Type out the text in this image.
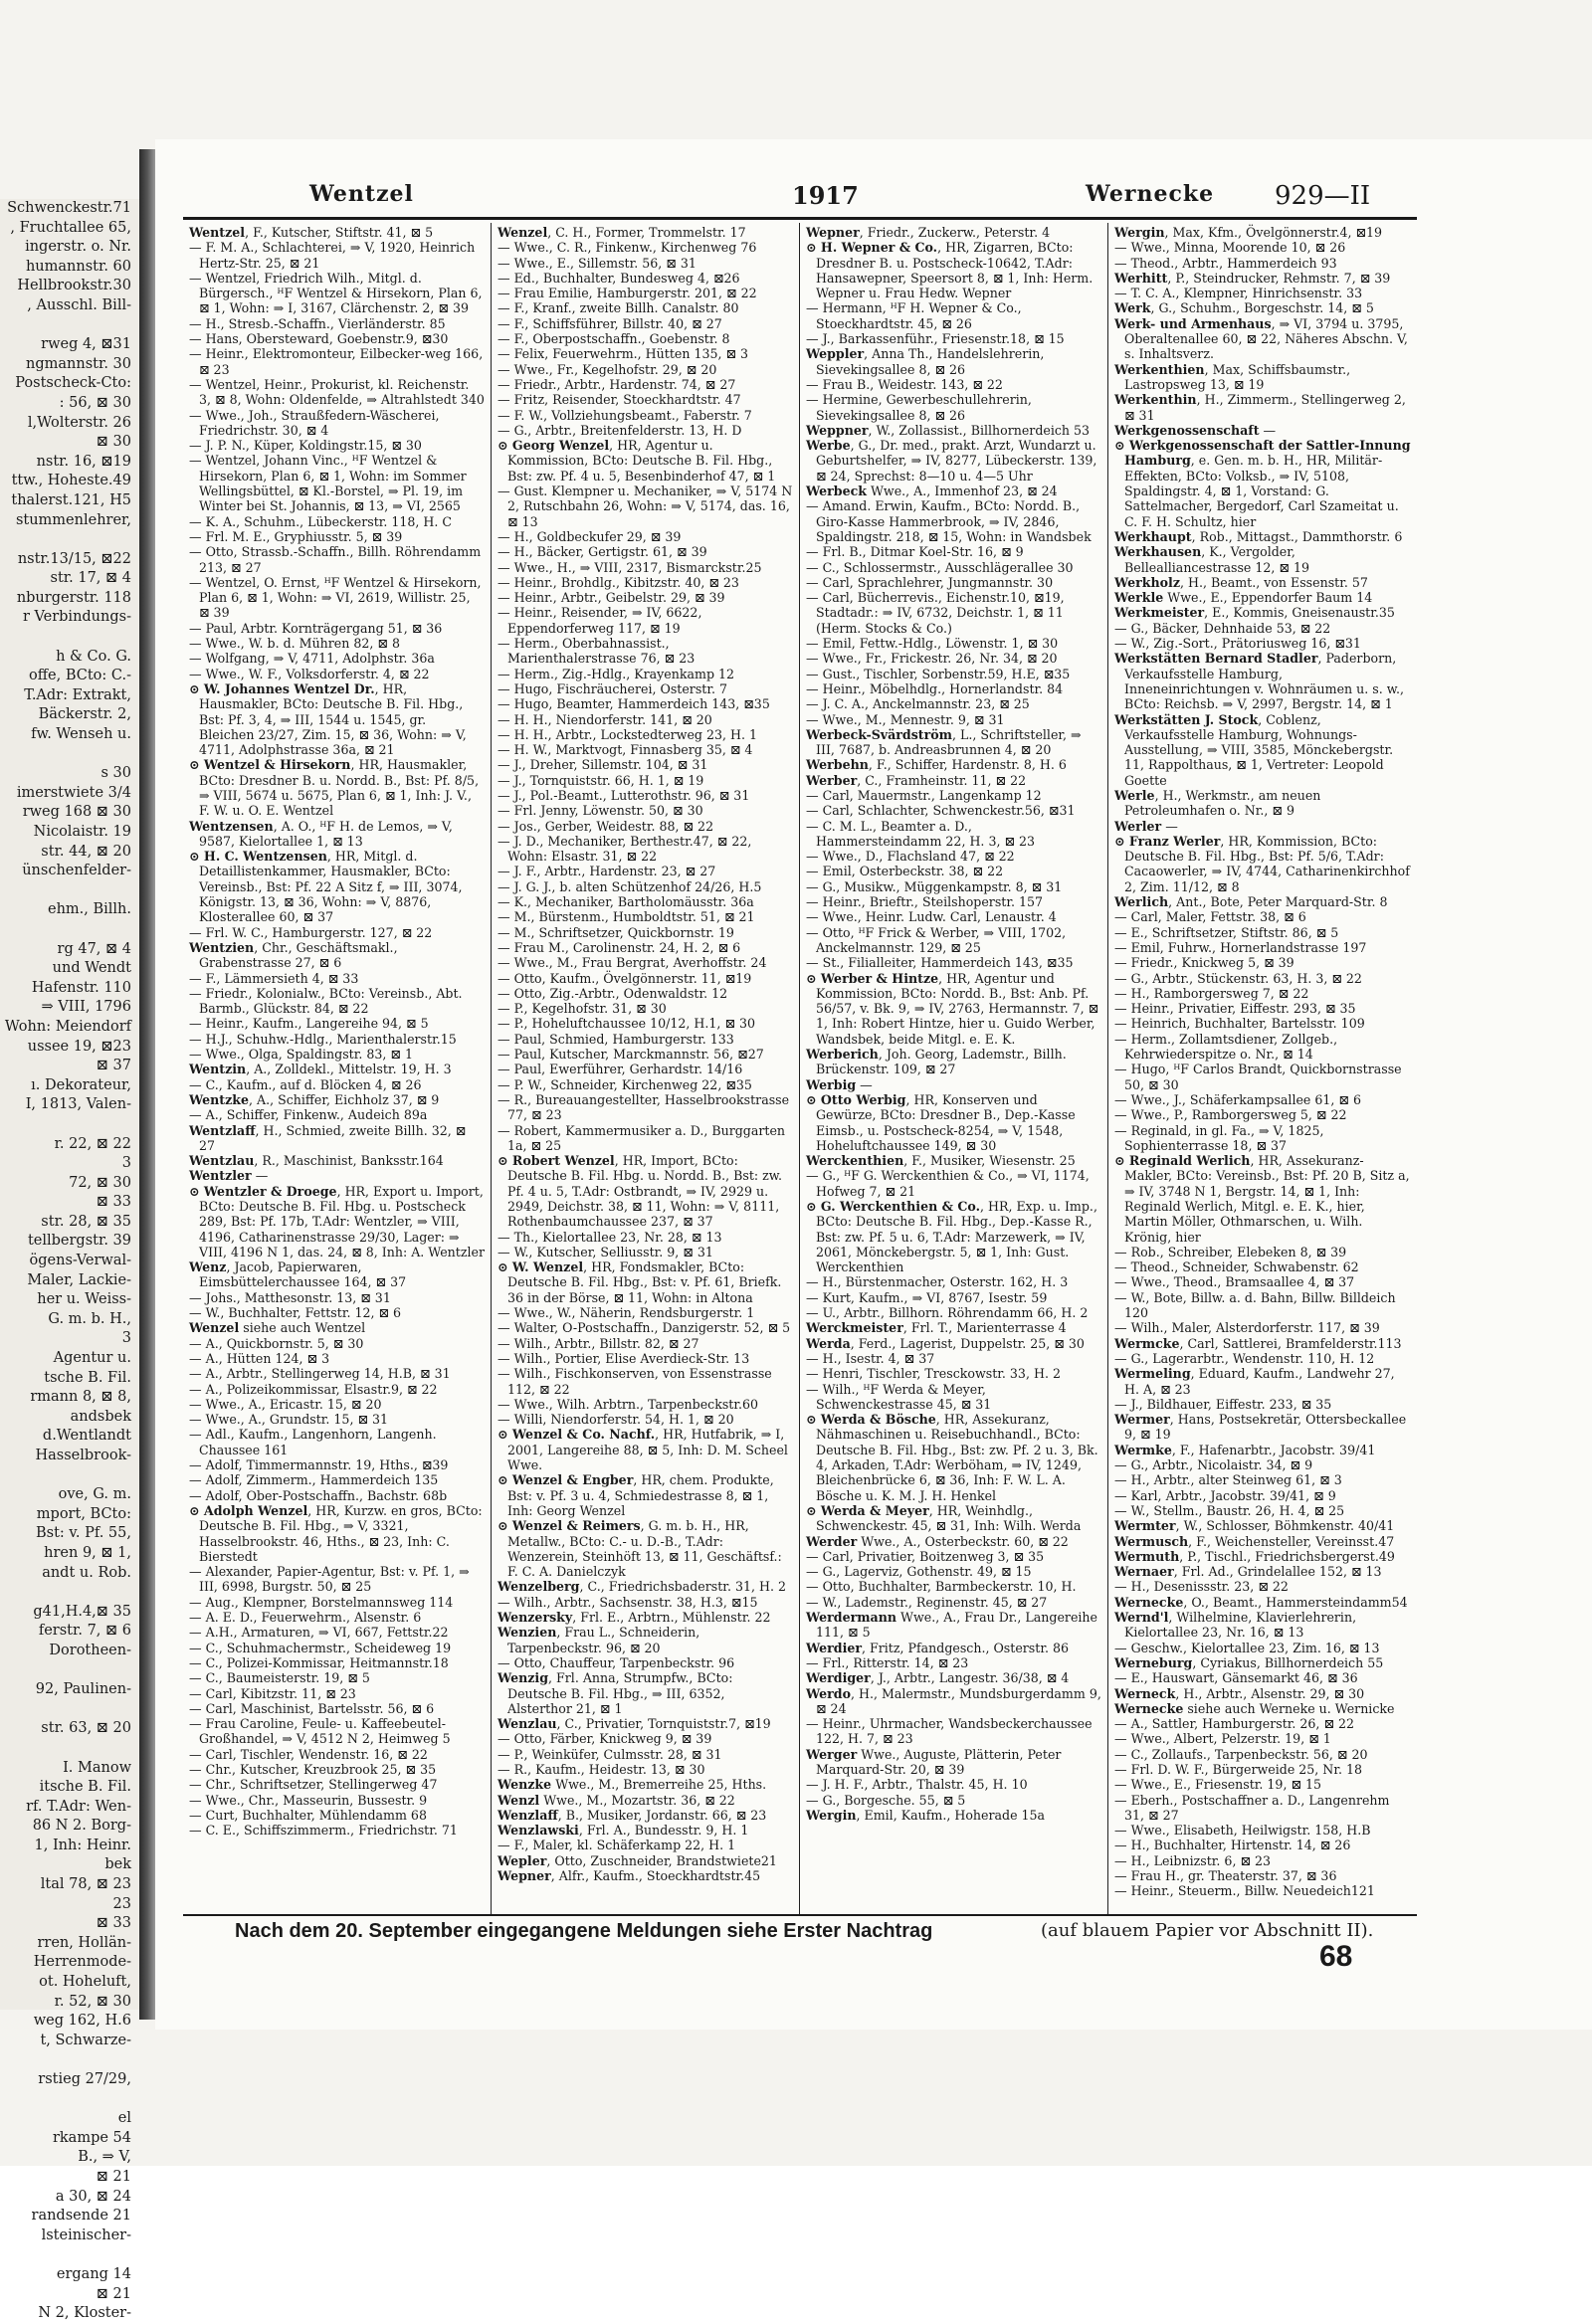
Schwenckestr.71
, Fruchtallee 65,
ingerstr. o. Nr.
humannstr. 60
Hellbrookstr.30
, Ausschl. Bill-

rweg 4, ⊠31
ngmannstr. 30
Postscheck-Cto:
: 56, ⊠ 30
l,Wolterstr. 26
⊠ 30
nstr. 16, ⊠19
ttw., Hoheste.49
thalerst.121, H5
stummenlehrer,

nstr.13/15, ⊠22
str. 17, ⊠ 4
nburgerstr. 118
r Verbindungs-

h & Co. G.
offe, BCto: C.-
T.Adr: Extrakt,
Bäckerstr. 2,
fw. Wenseh u.

s 30
imerstwiete 3/4
rweg 168 ⊠ 30
Nicolaistr. 19
str. 44, ⊠ 20
ünschenfelder-

ehm., Billh.

rg 47, ⊠ 4
und Wendt
Hafenstr. 110
⇒ VIII, 1796
Wohn: Meiendorf
ussee 19, ⊠23
⊠ 37
ı. Dekorateur,
I, 1813, Valen-

r. 22, ⊠ 22
3
72, ⊠ 30
⊠ 33
str. 28, ⊠ 35
tellbergstr. 39
ögens-Verwal-
Maler, Lackie-
her u. Weiss-
G. m. b. H.,
3
Agentur u.
tsche B. Fil.
rmann 8, ⊠ 8,
andsbek
d.Wentlandt
Hasselbrook-

ove, G. m.
mport, BCto:
Bst: v. Pf. 55,
hren 9, ⊠ 1,
andt u. Rob.

g41,H.4,⊠ 35
ferstr. 7, ⊠ 6
Dorotheen-

92, Paulinen-

str. 63, ⊠ 20

I. Manow
itsche B. Fil.
rf. T.Adr: Wen-
86 N 2. Borg-
1, Inh: Heinr.
bek
ltal 78, ⊠ 23
23
⊠ 33
rren, Hollän-
Herrenmode-
ot. Hoheluft,
r. 52, ⊠ 30
weg 162, H.6
t, Schwarze-

rstieg 27/29,

el
rkampe 54
B., ⇒ V,
⊠ 21
a 30, ⊠ 24
randsende 21
lsteinischer-

ergang 14
⊠ 21
N 2, Kloster-
Wentzel	1917	Wernecke 929—II

Wentzel, F., Kutscher, Stiftstr. 41, ⊠ 5

— F. M. A., Schlachterei, ⇒ V, 1920, Heinrich Hertz-Str. 25, ⊠ 21

— Wentzel, Friedrich Wilh., Mitgl. d. Bürgersch., ᴴF Wentzel & Hirsekorn, Plan 6, ⊠ 1, Wohn: ⇒ I, 3167, Clärchenstr. 2, ⊠ 39

— H., Stresb.-Schaffn., Vierländerstr. 85

— Hans, Obersteward, Goebenstr.9, ⊠30

— Heinr., Elektromonteur, Eilbecker-weg 166, ⊠ 23

— Wentzel, Heinr., Prokurist, kl. Reichenstr. 3, ⊠ 8, Wohn: Oldenfelde, ⇒ Altrahlstedt 340

— Wwe., Joh., Straußfedern-Wäscherei, Friedrichstr. 30, ⊠ 4

— J. P. N., Küper, Koldingstr.15, ⊠ 30

— Wentzel, Johann Vinc., ᴴF Wentzel & Hirsekorn, Plan 6, ⊠ 1, Wohn: im Sommer Wellingsbüttel, ⊠ Kl.-Borstel, ⇒ Pl. 19, im Winter bei St. Johannis, ⊠ 13, ⇒ VI, 2565

— K. A., Schuhm., Lübeckerstr. 118, H. C

— Frl. M. E., Gryphiusstr. 5, ⊠ 39

— Otto, Strassb.-Schaffn., Billh. Röhrendamm 213, ⊠ 27

— Wentzel, O. Ernst, ᴴF Wentzel & Hirsekorn, Plan 6, ⊠ 1, Wohn: ⇒ VI, 2619, Willistr. 25, ⊠ 39

— Paul, Arbtr. Kornträgergang 51, ⊠ 36

— Wwe., W. b. d. Mühren 82, ⊠ 8

— Wolfgang, ⇒ V, 4711, Adolphstr. 36a

— Wwe., W. F., Volksdorferstr. 4, ⊠ 22

⊙ W. Johannes Wentzel Dr., HR, Hausmakler, BCto: Deutsche B. Fil. Hbg., Bst: Pf. 3, 4, ⇒ III, 1544 u. 1545, gr. Bleichen 23/27, Zim. 15, ⊠ 36, Wohn: ⇒ V, 4711, Adolphstrasse 36a, ⊠ 21

⊙ Wentzel & Hirsekorn, HR, Hausmakler, BCto: Dresdner B. u. Nordd. B., Bst: Pf. 8/5, ⇒ VIII, 5674 u. 5675, Plan 6, ⊠ 1, Inh: J. V., F. W. u. O. E. Wentzel

Wentzensen, A. O., ᴴF H. de Lemos, ⇒ V, 9587, Kielortallee 1, ⊠ 13

⊙ H. C. Wentzensen, HR, Mitgl. d. Detaillistenkammer, Hausmakler, BCto: Vereinsb., Bst: Pf. 22 A Sitz f, ⇒ III, 3074, Königstr. 13, ⊠ 36, Wohn: ⇒ V, 8876, Klosterallee 60, ⊠ 37

— Frl. W. C., Hamburgerstr. 127, ⊠ 22

Wentzien, Chr., Geschäftsmakl., Grabenstrasse 27, ⊠ 6

— F., Lämmersieth 4, ⊠ 33

— Friedr., Kolonialw., BCto: Vereinsb., Abt. Barmb., Glückstr. 84, ⊠ 22

— Heinr., Kaufm., Langereihe 94, ⊠ 5

— H.J., Schuhw.-Hdlg., Marienthalerstr.15

— Wwe., Olga, Spaldingstr. 83, ⊠ 1

Wentzin, A., Zolldekl., Mittelstr. 19, H. 3

— C., Kaufm., auf d. Blöcken 4, ⊠ 26

Wentzke, A., Schiffer, Eichholz 37, ⊠ 9

— A., Schiffer, Finkenw., Audeich 89a

Wentzlaff, H., Schmied, zweite Billh. 32, ⊠ 27

Wentzlau, R., Maschinist, Banksstr.164

Wentzler —

⊙ Wentzler & Droege, HR, Export u. Import, BCto: Deutsche B. Fil. Hbg. u. Postscheck 289, Bst: Pf. 17b, T.Adr: Wentzler, ⇒ VIII, 4196, Catharinenstrasse 29/30, Lager: ⇒ VIII, 4196 N 1, das. 24, ⊠ 8, Inh: A. Wentzler

Wenz, Jacob, Papierwaren, Eimsbüttelerchaussee 164, ⊠ 37

— Johs., Matthesonstr. 13, ⊠ 31

— W., Buchhalter, Fettstr. 12, ⊠ 6

Wenzel siehe auch Wentzel

— A., Quickbornstr. 5, ⊠ 30

— A., Hütten 124, ⊠ 3

— A., Arbtr., Stellingerweg 14, H.B, ⊠ 31

— A., Polizeikommissar, Elsastr.9, ⊠ 22

— Wwe., A., Ericastr. 15, ⊠ 20

— Wwe., A., Grundstr. 15, ⊠ 31

— Adl., Kaufm., Langenhorn, Langenh. Chaussee 161

— Adolf, Timmermannstr. 19, Hths., ⊠39

— Adolf, Zimmerm., Hammerdeich 135

— Adolf, Ober-Postschaffn., Bachstr. 68b

⊙ Adolph Wenzel, HR, Kurzw. en gros, BCto: Deutsche B. Fil. Hbg., ⇒ V, 3321, Hasselbrookstr. 46, Hths., ⊠ 23, Inh: C. Bierstedt

— Alexander, Papier-Agentur, Bst: v. Pf. 1, ⇒ III, 6998, Burgstr. 50, ⊠ 25

— Aug., Klempner, Borstelmannsweg 114

— A. E. D., Feuerwehrm., Alsenstr. 6

— A.H., Armaturen, ⇒ VI, 667, Fettstr.22

— C., Schuhmachermstr., Scheideweg 19

— C., Polizei-Kommissar, Heitmannstr.18

— C., Baumeisterstr. 19, ⊠ 5

— Carl, Kibitzstr. 11, ⊠ 23

— Carl, Maschinist, Bartelsstr. 56, ⊠ 6

— Frau Caroline, Feule- u. Kaffeebeutel-Großhandel, ⇒ V, 4512 N 2, Heimweg 5

— Carl, Tischler, Wendenstr. 16, ⊠ 22

— Chr., Kutscher, Kreuzbrook 25, ⊠ 35

— Chr., Schriftsetzer, Stellingerweg 47

— Wwe., Chr., Masseurin, Bussestr. 9

— Curt, Buchhalter, Mühlendamm 68

— C. E., Schiffszimmerm., Friedrichstr. 71

Wenzel, C. H., Former, Trommelstr. 17

— Wwe., C. R., Finkenw., Kirchenweg 76

— Wwe., E., Sillemstr. 56, ⊠ 31

— Ed., Buchhalter, Bundesweg 4, ⊠26

— Frau Emilie, Hamburgerstr. 201, ⊠ 22

— F., Kranf., zweite Billh. Canalstr. 80

— F., Schiffsführer, Billstr. 40, ⊠ 27

— F., Oberpostschaffn., Goebenstr. 8

— Felix, Feuerwehrm., Hütten 135, ⊠ 3

— Wwe., Fr., Kegelhofstr. 29, ⊠ 20

— Friedr., Arbtr., Hardenstr. 74, ⊠ 27

— Fritz, Reisender, Stoeckhardtstr. 47

— F. W., Vollziehungsbeamt., Faberstr. 7

— G., Arbtr., Breitenfelderstr. 13, H. D

⊙ Georg Wenzel, HR, Agentur u. Kommission, BCto: Deutsche B. Fil. Hbg., Bst: zw. Pf. 4 u. 5, Besenbinderhof 47, ⊠ 1

— Gust. Klempner u. Mechaniker, ⇒ V, 5174 N 2, Rutschbahn 26, Wohn: ⇒ V, 5174, das. 16, ⊠ 13

— H., Goldbeckufer 29, ⊠ 39

— H., Bäcker, Gertigstr. 61, ⊠ 39

— Wwe., H., ⇒ VIII, 2317, Bismarckstr.25

— Heinr., Brohdlg., Kibitzstr. 40, ⊠ 23

— Heinr., Arbtr., Geibelstr. 29, ⊠ 39

— Heinr., Reisender, ⇒ IV, 6622, Eppendorferweg 117, ⊠ 19

— Herm., Oberbahnassist., Marienthalerstrasse 76, ⊠ 23

— Herm., Zig.-Hdlg., Krayenkamp 12

— Hugo, Fischräucherei, Osterstr. 7

— Hugo, Beamter, Hammerdeich 143, ⊠35

— H. H., Niendorferstr. 141, ⊠ 20

— H. H., Arbtr., Lockstedterweg 23, H. 1

— H. W., Marktvogt, Finnasberg 35, ⊠ 4

— J., Dreher, Sillemstr. 104, ⊠ 31

— J., Tornquiststr. 66, H. 1, ⊠ 19

— J., Pol.-Beamt., Lutterothstr. 96, ⊠ 31

— Frl. Jenny, Löwenstr. 50, ⊠ 30

— Jos., Gerber, Weidestr. 88, ⊠ 22

— J. D., Mechaniker, Berthestr.47, ⊠ 22, Wohn: Elsastr. 31, ⊠ 22

— J. F., Arbtr., Hardenstr. 23, ⊠ 27

— J. G. J., b. alten Schützenhof 24/26, H.5

— K., Mechaniker, Bartholomäusstr. 36a

— M., Bürstenm., Humboldtstr. 51, ⊠ 21

— M., Schriftsetzer, Quickbornstr. 19

— Frau M., Carolinenstr. 24, H. 2, ⊠ 6

— Wwe., M., Frau Bergrat, Averhoffstr. 24

— Otto, Kaufm., Övelgönnerstr. 11, ⊠19

— Otto, Zig.-Arbtr., Odenwaldstr. 12

— P., Kegelhofstr. 31, ⊠ 30

— P., Hoheluftchaussee 10/12, H.1, ⊠ 30

— Paul, Schmied, Hamburgerstr. 133

— Paul, Kutscher, Marckmannstr. 56, ⊠27

— Paul, Ewerführer, Gerhardstr. 14/16

— P. W., Schneider, Kirchenweg 22, ⊠35

— R., Bureauangestellter, Hasselbrookstrasse 77, ⊠ 23

— Robert, Kammermusiker a. D., Burggarten 1a, ⊠ 25

⊙ Robert Wenzel, HR, Import, BCto: Deutsche B. Fil. Hbg. u. Nordd. B., Bst: zw. Pf. 4 u. 5, T.Adr: Ostbrandt, ⇒ IV, 2929 u. 2949, Deichstr. 38, ⊠ 11, Wohn: ⇒ V, 8111, Rothenbaumchaussee 237, ⊠ 37

— Th., Kielortallee 23, Nr. 28, ⊠ 13

— W., Kutscher, Selliusstr. 9, ⊠ 31

⊙ W. Wenzel, HR, Fondsmakler, BCto: Deutsche B. Fil. Hbg., Bst: v. Pf. 61, Briefk. 36 in der Börse, ⊠ 11, Wohn: in Altona

— Wwe., W., Näherin, Rendsburgerstr. 1

— Walter, O-Postschaffn., Danzigerstr. 52, ⊠ 5

— Wilh., Arbtr., Billstr. 82, ⊠ 27

— Wilh., Portier, Elise Averdieck-Str. 13

— Wilh., Fischkonserven, von Essenstrasse 112, ⊠ 22

— Wwe., Wilh. Arbtrn., Tarpenbeckstr.60

— Willi, Niendorferstr. 54, H. 1, ⊠ 20

⊙ Wenzel & Co. Nachf., HR, Hutfabrik, ⇒ I, 2001, Langereihe 88, ⊠ 5, Inh: D. M. Scheel Wwe.

⊙ Wenzel & Engber, HR, chem. Produkte, Bst: v. Pf. 3 u. 4, Schmiedestrasse 8, ⊠ 1, Inh: Georg Wenzel

⊙ Wenzel & Reimers, G. m. b. H., HR, Metallw., BCto: C.- u. D.-B., T.Adr: Wenzerein, Steinhöft 13, ⊠ 11, Geschäftsf.: F. C. A. Danielczyk

Wenzelberg, C., Friedrichsbaderstr. 31, H. 2

— Wilh., Arbtr., Sachsenstr. 38, H.3, ⊠15

Wenzersky, Frl. E., Arbtrn., Mühlenstr. 22

Wenzien, Frau L., Schneiderin, Tarpenbeckstr. 96, ⊠ 20

— Otto, Chauffeur, Tarpenbeckstr. 96

Wenzig, Frl. Anna, Strumpfw., BCto: Deutsche B. Fil. Hbg., ⇒ III, 6352, Alsterthor 21, ⊠ 1

Wenzlau, C., Privatier, Tornquiststr.7, ⊠19

— Otto, Färber, Knickweg 9, ⊠ 39

— P., Weinküfer, Culmsstr. 28, ⊠ 31

— R., Kaufm., Heidestr. 13, ⊠ 30

Wenzke Wwe., M., Bremerreihe 25, Hths.

Wenzl Wwe., M., Mozartstr. 36, ⊠ 22

Wenzlaff, B., Musiker, Jordanstr. 66, ⊠ 23

Wenzlawski, Frl. A., Bundesstr. 9, H. 1

— F., Maler, kl. Schäferkamp 22, H. 1

Wepler, Otto, Zuschneider, Brandstwiete21

Wepner, Alfr., Kaufm., Stoeckhardtstr.45

Wepner, Friedr., Zuckerw., Peterstr. 4

⊙ H. Wepner & Co., HR, Zigarren, BCto: Dresdner B. u. Postscheck-10642, T.Adr: Hansawepner, Speersort 8, ⊠ 1, Inh: Herm. Wepner u. Frau Hedw. Wepner

— Hermann, ᴴF H. Wepner & Co., Stoeckhardtstr. 45, ⊠ 26

— J., Barkassenführ., Friesenstr.18, ⊠ 15

Weppler, Anna Th., Handelslehrerin, Sievekingsallee 8, ⊠ 26

— Frau B., Weidestr. 143, ⊠ 22

— Hermine, Gewerbeschullehrerin, Sievekingsallee 8, ⊠ 26

Weppner, W., Zollassist., Billhornerdeich 53

Werbe, G., Dr. med., prakt. Arzt, Wundarzt u. Geburtshelfer, ⇒ IV, 8277, Lübeckerstr. 139, ⊠ 24, Sprechst: 8—10 u. 4—5 Uhr

Werbeck Wwe., A., Immenhof 23, ⊠ 24

— Amand. Erwin, Kaufm., BCto: Nordd. B., Giro-Kasse Hammerbrook, ⇒ IV, 2846, Spaldingstr. 218, ⊠ 15, Wohn: in Wandsbek

— Frl. B., Ditmar Koel-Str. 16, ⊠ 9

— C., Schlossermstr., Ausschlägerallee 30

— Carl, Sprachlehrer, Jungmannstr. 30

— Carl, Bücherrevis., Eichenstr.10, ⊠19, Stadtadr.: ⇒ IV, 6732, Deichstr. 1, ⊠ 11 (Herm. Stocks & Co.)

— Emil, Fettw.-Hdlg., Löwenstr. 1, ⊠ 30

— Wwe., Fr., Frickestr. 26, Nr. 34, ⊠ 20

— Gust., Tischler, Sorbenstr.59, H.E, ⊠35

— Heinr., Möbelhdlg., Hornerlandstr. 84

— J. C. A., Anckelmannstr. 23, ⊠ 25

— Wwe., M., Mennestr. 9, ⊠ 31

Werbeck-Svärdström, L., Schriftsteller, ⇒ III, 7687, b. Andreasbrunnen 4, ⊠ 20

Werbehn, F., Schiffer, Hardenstr. 8, H. 6

Werber, C., Framheinstr. 11, ⊠ 22

— Carl, Mauermstr., Langenkamp 12

— Carl, Schlachter, Schwenckestr.56, ⊠31

— C. M. L., Beamter a. D., Hammersteindamm 22, H. 3, ⊠ 23

— Wwe., D., Flachsland 47, ⊠ 22

— Emil, Osterbeckstr. 38, ⊠ 22

— G., Musikw., Müggenkampstr. 8, ⊠ 31

— Heinr., Brieftr., Steilshoperstr. 157

— Wwe., Heinr. Ludw. Carl, Lenaustr. 4

— Otto, ᴴF Frick & Werber, ⇒ VIII, 1702, Anckelmannstr. 129, ⊠ 25

— St., Filialleiter, Hammerdeich 143, ⊠35

⊙ Werber & Hintze, HR, Agentur und Kommission, BCto: Nordd. B., Bst: Anb. Pf. 56/57, v. Bk. 9, ⇒ IV, 2763, Hermannstr. 7, ⊠ 1, Inh: Robert Hintze, hier u. Guido Werber, Wandsbek, beide Mitgl. e. E. K.

Werberich, Joh. Georg, Lademstr., Billh. Brückenstr. 109, ⊠ 27

Werbig —

⊙ Otto Werbig, HR, Konserven und Gewürze, BCto: Dresdner B., Dep.-Kasse Eimsb., u. Postscheck-8254, ⇒ V, 1548, Hoheluftchaussee 149, ⊠ 30

Werckenthien, F., Musiker, Wiesenstr. 25

— G., ᴴF G. Werckenthien & Co., ⇒ VI, 1174, Hofweg 7, ⊠ 21

⊙ G. Werckenthien & Co., HR, Exp. u. Imp., BCto: Deutsche B. Fil. Hbg., Dep.-Kasse R., Bst: zw. Pf. 5 u. 6, T.Adr: Marzewerk, ⇒ IV, 2061, Mönckebergstr. 5, ⊠ 1, Inh: Gust. Werckenthien

— H., Bürstenmacher, Osterstr. 162, H. 3

— Kurt, Kaufm., ⇒ VI, 8767, Isestr. 59

— U., Arbtr., Billhorn. Röhrendamm 66, H. 2

Werckmeister, Frl. T., Marienterrasse 4

Werda, Ferd., Lagerist, Duppelstr. 25, ⊠ 30

— H., Isestr. 4, ⊠ 37

— Henri, Tischler, Tresckowstr. 33, H. 2

— Wilh., ᴴF Werda & Meyer, Schwenckestrasse 45, ⊠ 31

⊙ Werda & Bösche, HR, Assekuranz, Nähmaschinen u. Reisebuchhandl., BCto: Deutsche B. Fil. Hbg., Bst: zw. Pf. 2 u. 3, Bk. 4, Arkaden, T.Adr: Werböham, ⇒ IV, 1249, Bleichenbrücke 6, ⊠ 36, Inh: F. W. L. A. Bösche u. K. M. J. H. Henkel

⊙ Werda & Meyer, HR, Weinhdlg., Schwenckestr. 45, ⊠ 31, Inh: Wilh. Werda

Werder Wwe., A., Osterbeckstr. 60, ⊠ 22

— Carl, Privatier, Boitzenweg 3, ⊠ 35

— G., Lagerviz, Gothenstr. 49, ⊠ 15

— Otto, Buchhalter, Barmbeckerstr. 10, H.

— W., Lademstr., Reginenstr. 45, ⊠ 27

Werdermann Wwe., A., Frau Dr., Langereihe 111, ⊠ 5

Werdier, Fritz, Pfandgesch., Osterstr. 86

— Frl., Ritterstr. 14, ⊠ 23

Werdiger, J., Arbtr., Langestr. 36/38, ⊠ 4

Werdo, H., Malermstr., Mundsburgerdamm 9, ⊠ 24

— Heinr., Uhrmacher, Wandsbeckerchaussee 122, H. 7, ⊠ 23

Werger Wwe., Auguste, Plätterin, Peter Marquard-Str. 20, ⊠ 39

— J. H. F., Arbtr., Thalstr. 45, H. 10

— G., Borgesche. 55, ⊠ 5

Wergin, Emil, Kaufm., Hoherade 15a

Wergin, Max, Kfm., Övelgönnerstr.4, ⊠19

— Wwe., Minna, Moorende 10, ⊠ 26

— Theod., Arbtr., Hammerdeich 93

Werhitt, P., Steindrucker, Rehmstr. 7, ⊠ 39

— T. C. A., Klempner, Hinrichsenstr. 33

Werk, G., Schuhm., Borgeschstr. 14, ⊠ 5

Werk- und Armenhaus, ⇒ VI, 3794 u. 3795, Oberaltenallee 60, ⊠ 22, Näheres Abschn. V, s. Inhaltsverz.

Werkenthien, Max, Schiffsbaumstr., Lastropsweg 13, ⊠ 19

Werkenthin, H., Zimmerm., Stellingerweg 2, ⊠ 31

Werkgenossenschaft —

⊙ Werkgenossenschaft der Sattler-Innung Hamburg, e. Gen. m. b. H., HR, Militär-Effekten, BCto: Volksb., ⇒ IV, 5108, Spaldingstr. 4, ⊠ 1, Vorstand: G. Sattelmacher, Bergedorf, Carl Szameitat u. C. F. H. Schultz, hier

Werkhaupt, Rob., Mittagst., Dammthorstr. 6

Werkhausen, K., Vergolder, Bellealliancestrasse 12, ⊠ 19

Werkholz, H., Beamt., von Essenstr. 57

Werkle Wwe., E., Eppendorfer Baum 14

Werkmeister, E., Kommis, Gneisenaustr.35

— G., Bäcker, Dehnhaide 53, ⊠ 22

— W., Zig.-Sort., Prätoriusweg 16, ⊠31

Werkstätten Bernard Stadler, Paderborn, Verkaufsstelle Hamburg, Inneneinrichtungen v. Wohnräumen u. s. w., BCto: Reichsb. ⇒ V, 2997, Bergstr. 14, ⊠ 1

Werkstätten J. Stock, Coblenz, Verkaufsstelle Hamburg, Wohnungs-Ausstellung, ⇒ VIII, 3585, Mönckebergstr. 11, Rappolthaus, ⊠ 1, Vertreter: Leopold Goette

Werle, H., Werkmstr., am neuen Petroleumhafen o. Nr., ⊠ 9

Werler —

⊙ Franz Werler, HR, Kommission, BCto: Deutsche B. Fil. Hbg., Bst: Pf. 5/6, T.Adr: Cacaowerler, ⇒ IV, 4744, Catharinenkirchhof 2, Zim. 11/12, ⊠ 8

Werlich, Ant., Bote, Peter Marquard-Str. 8

— Carl, Maler, Fettstr. 38, ⊠ 6

— E., Schriftsetzer, Stiftstr. 86, ⊠ 5

— Emil, Fuhrw., Hornerlandstrasse 197

— Friedr., Knickweg 5, ⊠ 39

— G., Arbtr., Stückenstr. 63, H. 3, ⊠ 22

— H., Ramborgersweg 7, ⊠ 22

— Heinr., Privatier, Eiffestr. 293, ⊠ 35

— Heinrich, Buchhalter, Bartelsstr. 109

— Herm., Zollamtsdiener, Zollgeb., Kehrwiederspitze o. Nr., ⊠ 14

— Hugo, ᴴF Carlos Brandt, Quickbornstrasse 50, ⊠ 30

— Wwe., J., Schäferkampsallee 61, ⊠ 6

— Wwe., P., Ramborgersweg 5, ⊠ 22

— Reginald, in gl. Fa., ⇒ V, 1825, Sophienterrasse 18, ⊠ 37

⊙ Reginald Werlich, HR, Assekuranz-Makler, BCto: Vereinsb., Bst: Pf. 20 B, Sitz a, ⇒ IV, 3748 N 1, Bergstr. 14, ⊠ 1, Inh: Reginald Werlich, Mitgl. e. E. K., hier, Martin Möller, Othmarschen, u. Wilh. Krönig, hier

— Rob., Schreiber, Elebeken 8, ⊠ 39

— Theod., Schneider, Schwabenstr. 62

— Wwe., Theod., Bramsaallee 4, ⊠ 37

— W., Bote, Billw. a. d. Bahn, Billw. Billdeich 120

— Wilh., Maler, Alsterdorferstr. 117, ⊠ 39

Wermcke, Carl, Sattlerei, Bramfelderstr.113

— G., Lagerarbtr., Wendenstr. 110, H. 12

Wermeling, Eduard, Kaufm., Landwehr 27, H. A, ⊠ 23

— J., Bildhauer, Eiffestr. 233, ⊠ 35

Wermer, Hans, Postsekretär, Ottersbeckallee 9, ⊠ 19

Wermke, F., Hafenarbtr., Jacobstr. 39/41

— G., Arbtr., Nicolaistr. 34, ⊠ 9

— H., Arbtr., alter Steinweg 61, ⊠ 3

— Karl, Arbtr., Jacobstr. 39/41, ⊠ 9

— W., Stellm., Baustr. 26, H. 4, ⊠ 25

Wermter, W., Schlosser, Böhmkenstr. 40/41

Wermusch, F., Weichensteller, Vereinsst.47

Wermuth, P., Tischl., Friedrichsbergerst.49

Wernaer, Frl. Ad., Grindelallee 152, ⊠ 13

— H., Desenissstr. 23, ⊠ 22

Wernecke, O., Beamt., Hammersteindamm54

Wernd'l, Wilhelmine, Klavierlehrerin, Kielortallee 23, Nr. 16, ⊠ 13

— Geschw., Kielortallee 23, Zim. 16, ⊠ 13

Werneburg, Cyriakus, Billhornerdeich 55

— E., Hauswart, Gänsemarkt 46, ⊠ 36

Werneck, H., Arbtr., Alsenstr. 29, ⊠ 30

Wernecke siehe auch Werneke u. Wernicke

— A., Sattler, Hamburgerstr. 26, ⊠ 22

— Wwe., Albert, Pelzerstr. 19, ⊠ 1

— C., Zollaufs., Tarpenbeckstr. 56, ⊠ 20

— Frl. D. W. F., Bürgerweide 25, Nr. 18

— Wwe., E., Friesenstr. 19, ⊠ 15

— Eberh., Postschaffner a. D., Langenrehm 31, ⊠ 27

— Wwe., Elisabeth, Heilwigstr. 158, H.B

— H., Buchhalter, Hirtenstr. 14, ⊠ 26

— H., Leibnizstr. 6, ⊠ 23

— Frau H., gr. Theaterstr. 37, ⊠ 36

— Heinr., Steuerm., Billw. Neuedeich121

Nach dem 20. September eingegangene Meldungen siehe Erster Nachtrag	(auf blauem Papier vor Abschnitt II).
68
